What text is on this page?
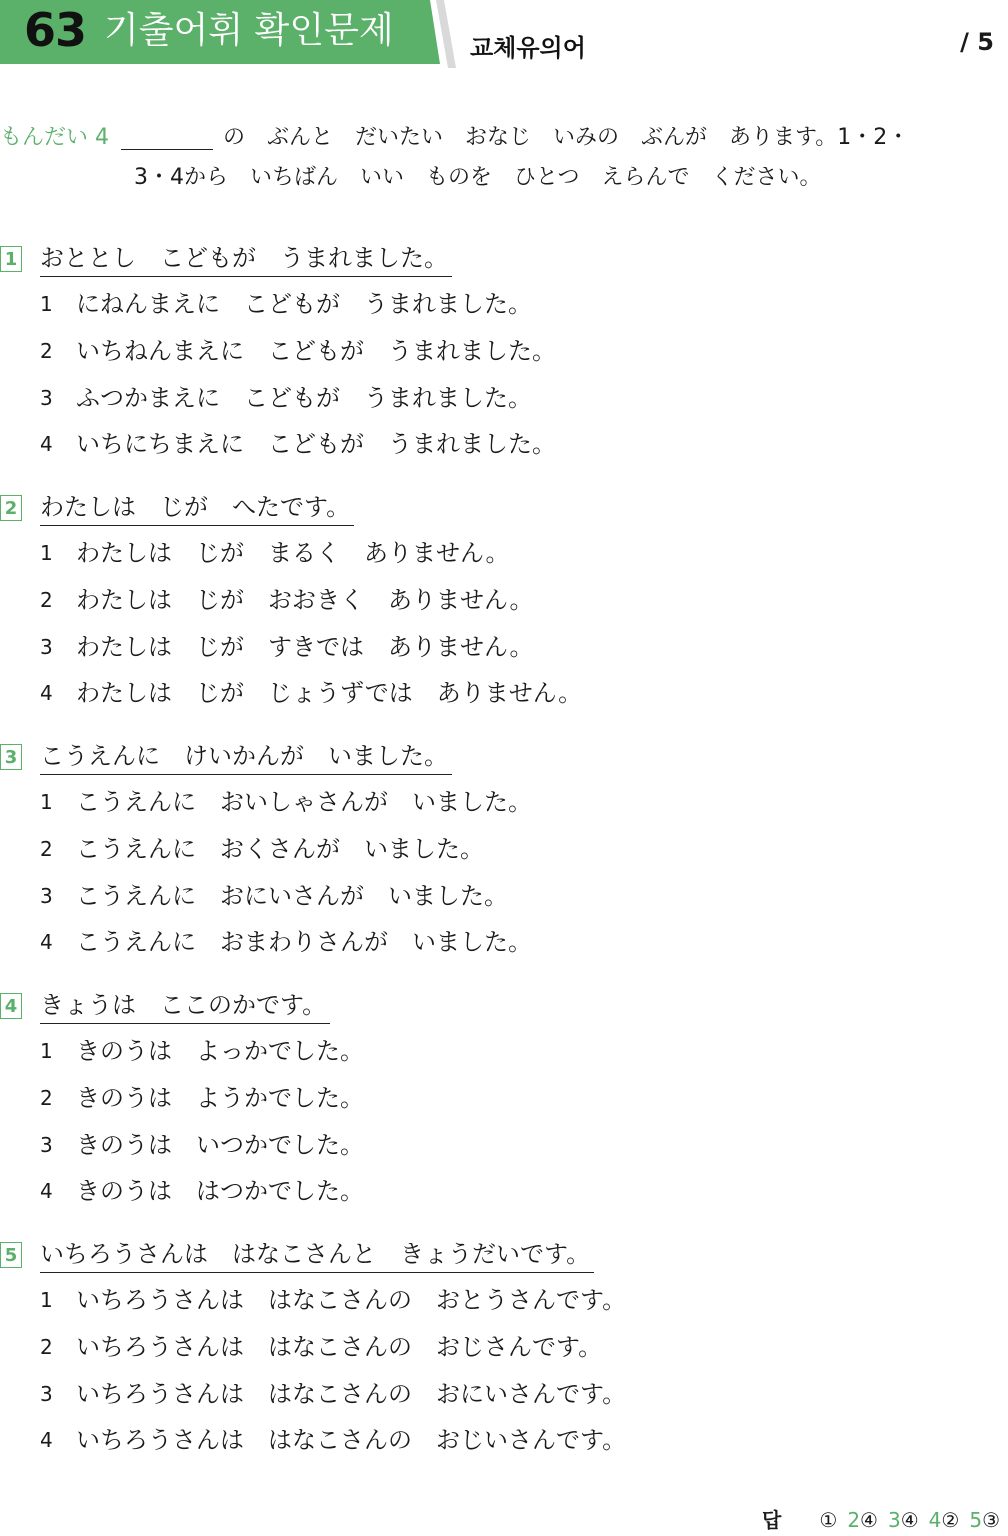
63 기출어휘 확인문제	교체유의어	/ 5
もんだい 4	の　ぶんと　だいたい　おなじ　いみの　ぶんが　あります。1・2・
3・4から　いちばん　いい　ものを　ひとつ　えらんで　ください。
1 おととし　こどもが　うまれました。
1 にねんまえに　こどもが　うまれました。
2 いちねんまえに　こどもが　うまれました。
3 ふつかまえに　こどもが　うまれました。
4 いちにちまえに　こどもが　うまれました。
2 わたしは　じが　へたです。
1 わたしは　じが　まるく　ありません。
2 わたしは　じが　おおきく　ありません。
3 わたしは　じが　すきでは　ありません。
4 わたしは　じが　じょうずでは　ありません。
3 こうえんに　けいかんが　いました。
1 こうえんに　おいしゃさんが　いました。
2 こうえんに　おくさんが　いました。
3 こうえんに　おにいさんが　いました。
4 こうえんに　おまわりさんが　いました。
4 きょうは　ここのかです。
1 きのうは　よっかでした。
2 きのうは　ようかでした。
3 きのうは　いつかでした。
4 きのうは　はつかでした。
5 いちろうさんは　はなこさんと　きょうだいです。
1 いちろうさんは　はなこさんの　おとうさんです。
2 いちろうさんは　はなこさんの　おじさんです。
3 いちろうさんは　はなこさんの　おにいさんです。
4 いちろうさんは　はなこさんの　おじいさんです。
답 ① 2④ 3④ 4② 5③
